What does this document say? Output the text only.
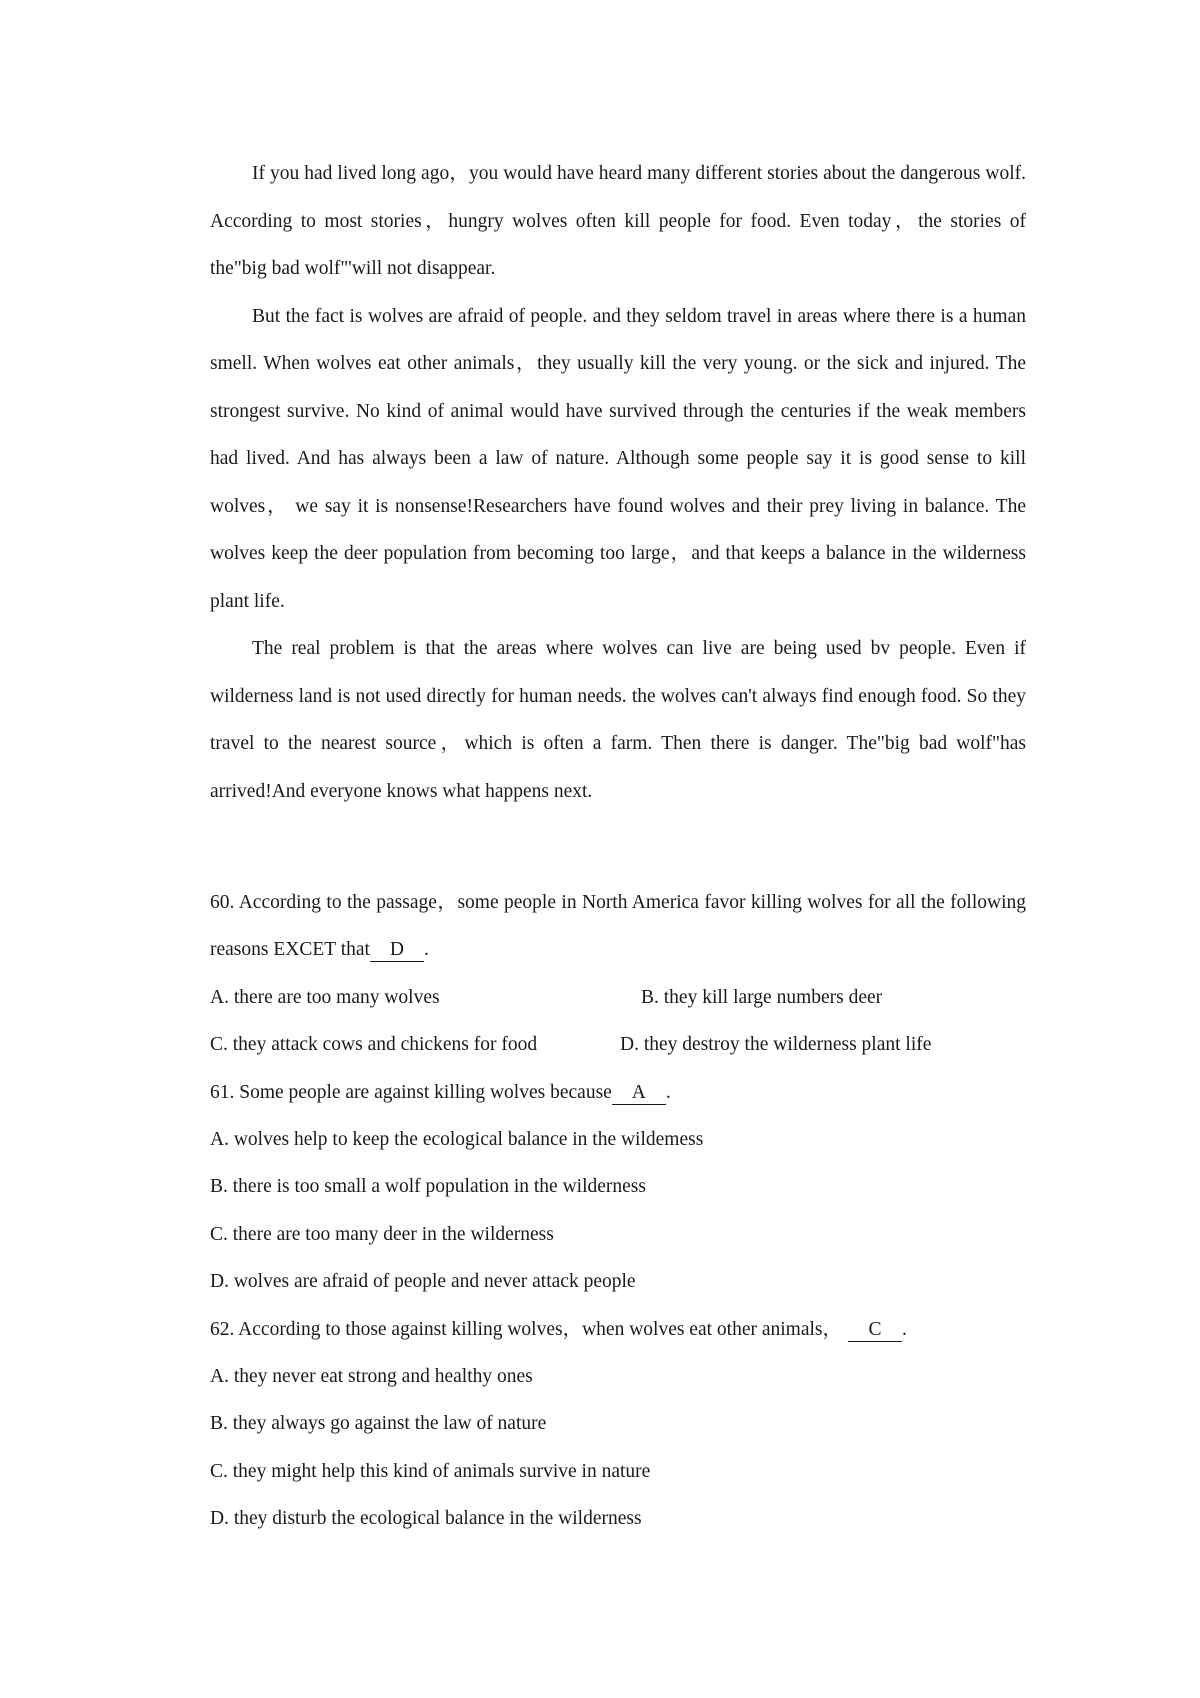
If you had lived long ago，you would have heard many different stories about the dangerous wolf. According to most stories，hungry wolves often kill people for food. Even today，the stories of the"big bad wolf"'will not disappear.

But the fact is wolves are afraid of people. and they seldom travel in areas where there is a human smell. When wolves eat other animals，they usually kill the very young. or the sick and injured. The strongest survive. No kind of animal would have survived through the centuries if the weak members had lived. And has always been a law of nature. Although some people say it is good sense to kill wolves， we say it is nonsense!Researchers have found wolves and their prey living in balance. The wolves keep the deer population from becoming too large，and that keeps a balance in the wilderness plant life.

The real problem is that the areas where wolves can live are being used bv people. Even if wilderness land is not used directly for human needs. the wolves can't always find enough food. So they travel to the nearest source，which is often a farm. Then there is danger. The"big bad wolf"has arrived!And everyone knows what happens next.

60. According to the passage，some people in North America favor killing wolves for all the following reasons EXCET that D .

A. there are too many wolves	B. they kill large numbers deer
C. they attack cows and chickens for food	D. they destroy the wilderness plant life

61. Some people are against killing wolves because A .

A. wolves help to keep the ecological balance in the wildemess

B. there is too small a wolf population in the wilderness

C. there are too many deer in the wilderness

D. wolves are afraid of people and never attack people

62. According to those against killing wolves，when wolves eat other animals， C .

A. they never eat strong and healthy ones

B. they always go against the law of nature

C. they might help this kind of animals survive in nature

D. they disturb the ecological balance in the wilderness
